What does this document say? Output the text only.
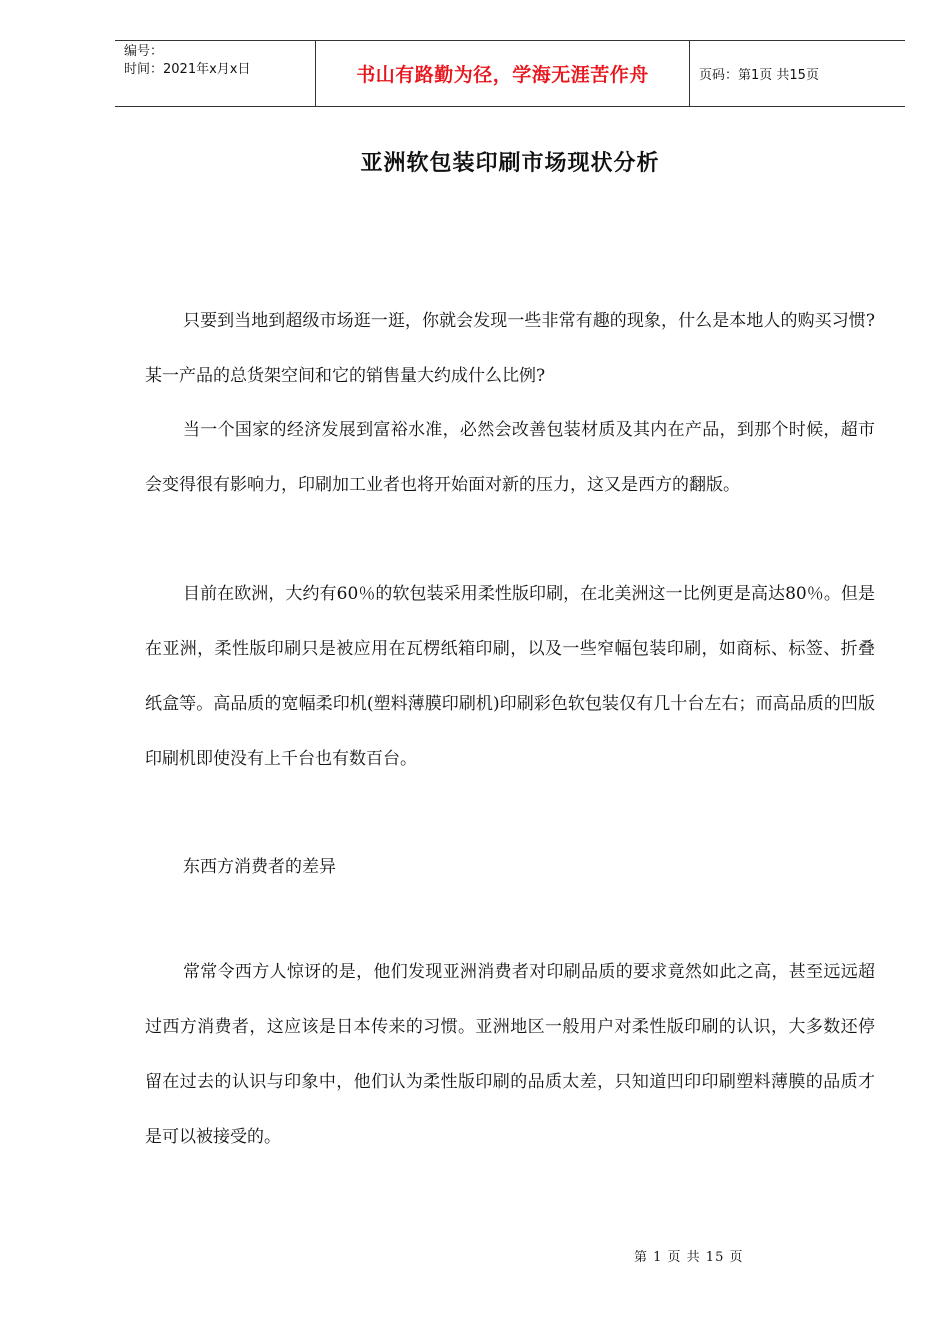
编号：
时间：2021年x月x日	书山有路勤为径，学海无涯苦作舟	页码：第1页 共15页
亚洲软包装印刷市场现状分析

只要到当地到超级市场逛一逛，你就会发现一些非常有趣的现象，什么是本地人的购买习惯?某一产品的总货架空间和它的销售量大约成什么比例?

当一个国家的经济发展到富裕水准，必然会改善包装材质及其内在产品，到那个时候，超市会变得很有影响力，印刷加工业者也将开始面对新的压力，这又是西方的翻版。

目前在欧洲，大约有60％的软包装采用柔性版印刷，在北美洲这一比例更是高达80％。但是在亚洲，柔性版印刷只是被应用在瓦楞纸箱印刷，以及一些窄幅包装印刷，如商标、标签、折叠纸盒等。高品质的宽幅柔印机(塑料薄膜印刷机)印刷彩色软包装仅有几十台左右；而高品质的凹版印刷机即使没有上千台也有数百台。

东西方消费者的差异

常常令西方人惊讶的是，他们发现亚洲消费者对印刷品质的要求竟然如此之高，甚至远远超过西方消费者，这应该是日本传来的习惯。亚洲地区一般用户对柔性版印刷的认识，大多数还停留在过去的认识与印象中，他们认为柔性版印刷的品质太差，只知道凹印印刷塑料薄膜的品质才是可以被接受的。

第 1 页 共 15 页
